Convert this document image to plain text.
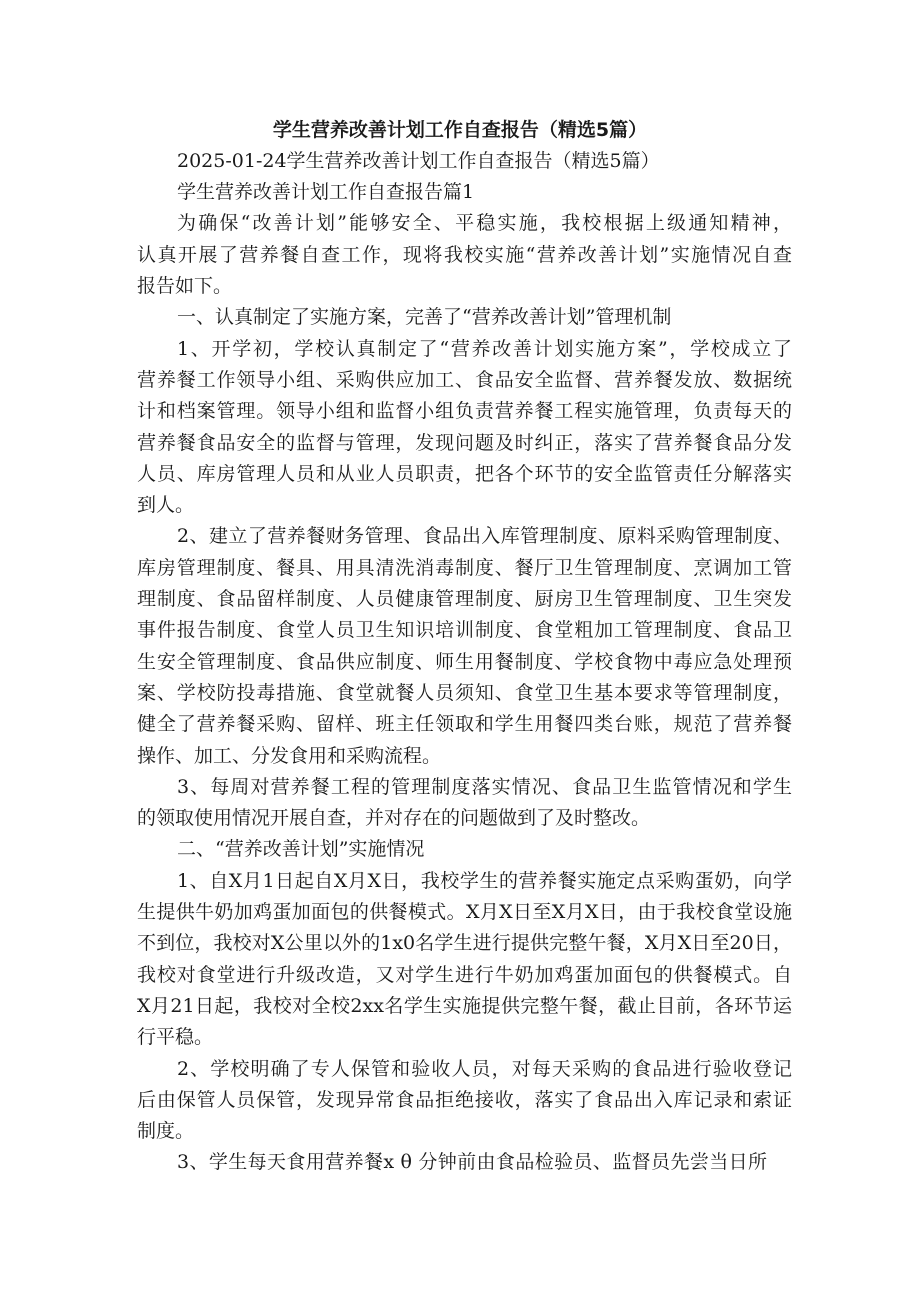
学生营养改善计划工作自查报告（精选5篇）
2025-01-24学生营养改善计划工作自查报告（精选5篇）
学生营养改善计划工作自查报告篇1
为确保“改善计划”能够安全、平稳实施，我校根据上级通知精神，
认真开展了营养餐自查工作，现将我校实施“营养改善计划”实施情况自查
报告如下。
一、认真制定了实施方案，完善了“营养改善计划”管理机制
1、开学初，学校认真制定了“营养改善计划实施方案”，学校成立了
营养餐工作领导小组、采购供应加工、食品安全监督、营养餐发放、数据统
计和档案管理。领导小组和监督小组负责营养餐工程实施管理，负责每天的
营养餐食品安全的监督与管理，发现问题及时纠正，落实了营养餐食品分发
人员、库房管理人员和从业人员职责，把各个环节的安全监管责任分解落实
到人。
2、建立了营养餐财务管理、食品出入库管理制度、原料采购管理制度、
库房管理制度、餐具、用具清洗消毒制度、餐厅卫生管理制度、烹调加工管
理制度、食品留样制度、人员健康管理制度、厨房卫生管理制度、卫生突发
事件报告制度、食堂人员卫生知识培训制度、食堂粗加工管理制度、食品卫
生安全管理制度、食品供应制度、师生用餐制度、学校食物中毒应急处理预
案、学校防投毒措施、食堂就餐人员须知、食堂卫生基本要求等管理制度，
健全了营养餐采购、留样、班主任领取和学生用餐四类台账，规范了营养餐
操作、加工、分发食用和采购流程。
3、每周对营养餐工程的管理制度落实情况、食品卫生监管情况和学生
的领取使用情况开展自查，并对存在的问题做到了及时整改。
二、“营养改善计划”实施情况
1、自X月1日起自X月X日，我校学生的营养餐实施定点采购蛋奶，向学
生提供牛奶加鸡蛋加面包的供餐模式。X月X日至X月X日，由于我校食堂设施
不到位，我校对X公里以外的1x0名学生进行提供完整午餐，X月X日至20日，
我校对食堂进行升级改造，又对学生进行牛奶加鸡蛋加面包的供餐模式。自
X月21日起，我校对全校2xx名学生实施提供完整午餐，截止目前，各环节运
行平稳。
2、学校明确了专人保管和验收人员，对每天采购的食品进行验收登记
后由保管人员保管，发现异常食品拒绝接收，落实了食品出入库记录和索证
制度。
3、学生每天食用营养餐x θ 分钟前由食品检验员、监督员先尝当日所
